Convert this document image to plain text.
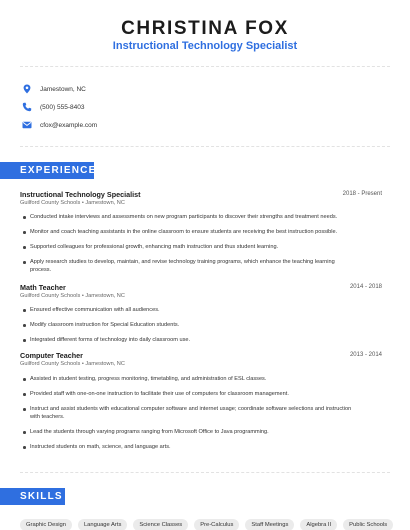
CHRISTINA FOX
Instructional Technology Specialist
Jamestown, NC
(500) 555-8403
cfox@example.com
EXPERIENCE
Instructional Technology Specialist	2018 - Present
Guilford County Schools • Jamestown, NC
Conducted intake interviews and assessments on new program participants to discover their strengths and treatment needs.
Monitor and coach teaching assistants in the online classroom to ensure students are receiving the best instruction possible.
Supported colleagues for professional growth, enhancing math instruction and thus student learning.
Apply research studies to develop, maintain, and revise technology training programs, which enhance the teaching learning process.
Math Teacher	2014 - 2018
Guilford County Schools • Jamestown, NC
Ensured effective communication with all audiences.
Modify classroom instruction for Special Education students.
Integrated different forms of technology into daily classroom use.
Computer Teacher	2013 - 2014
Guilford County Schools • Jamestown, NC
Assisted in student testing, progress monitoring, timetabling, and administration of ESL classes.
Provided staff with one-on-one instruction to facilitate their use of computers for classroom management.
Instruct and assist students with educational computer software and internet usage; coordinate software selections and instruction with teachers.
Lead the students through varying programs ranging from Microsoft Office to Java programming.
Instructed students on math, science, and language arts.
SKILLS
Graphic Design	Language Arts	Science Classes	Pre-Calculus	Staff Meetings	Algebra II	Public Schools
